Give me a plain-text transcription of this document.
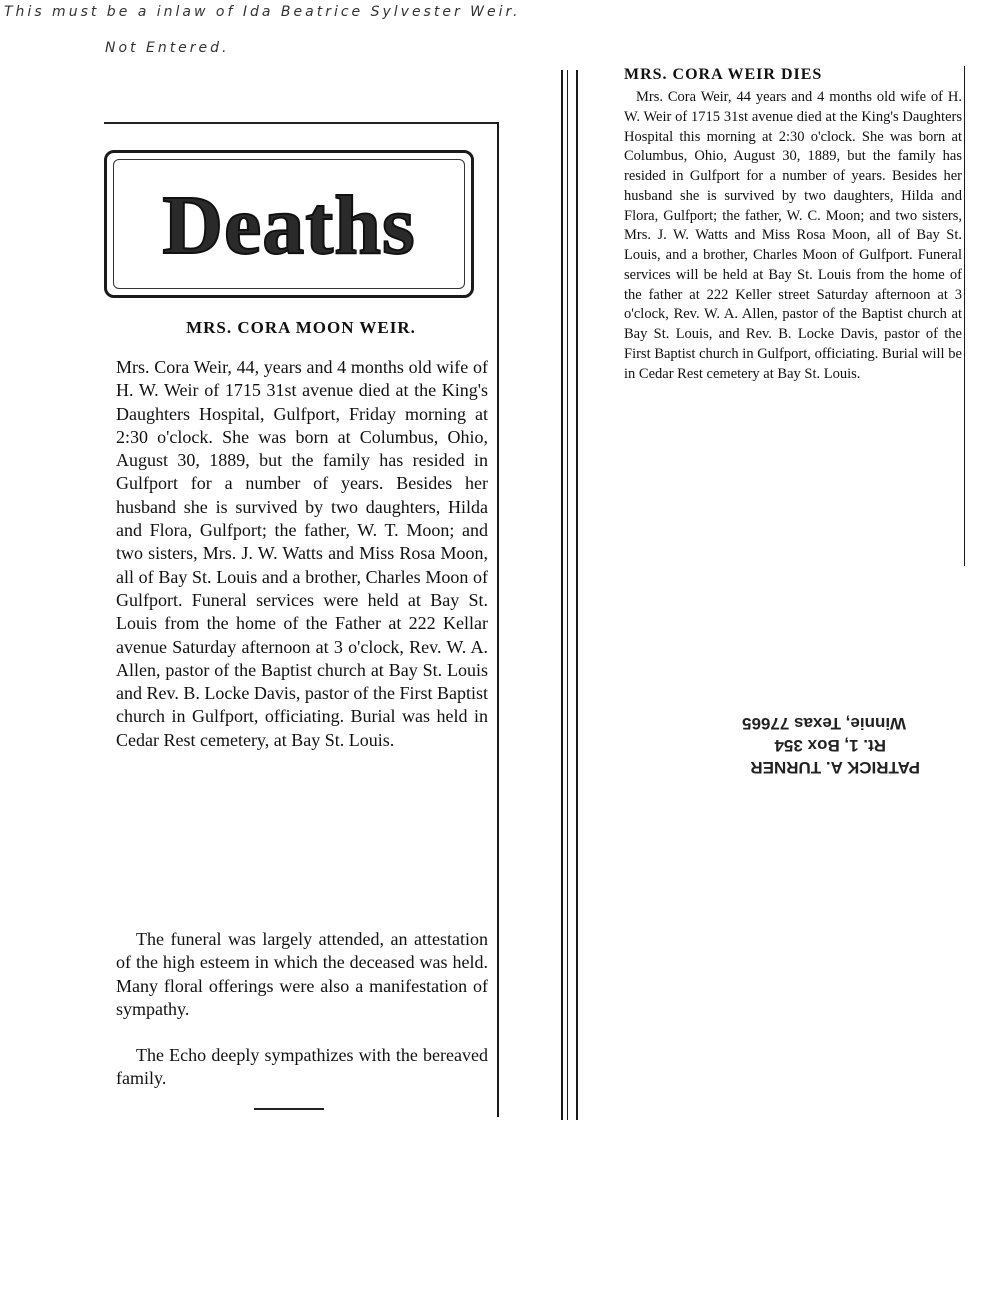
This must be a inlaw of Ida Beatrice Sylvester Weir.
Not Entered.
Deaths
MRS. CORA MOON WEIR.

Mrs. Cora Weir, 44, years and 4 months old wife of H. W. Weir of 1715 31st avenue died at the King's Daughters Hospital, Gulfport, Friday morning at 2:30 o'clock. She was born at Columbus, Ohio, August 30, 1889, but the family has resided in Gulfport for a number of years. Besides her husband she is survived by two daughters, Hilda and Flora, Gulfport; the father, W. T. Moon; and two sisters, Mrs. J. W. Watts and Miss Rosa Moon, all of Bay St. Louis and a brother, Charles Moon of Gulfport. Funeral services were held at Bay St. Louis from the home of the Father at 222 Kellar avenue Saturday afternoon at 3 o'clock, Rev. W. A. Allen, pastor of the Baptist church at Bay St. Louis and Rev. B. Locke Davis, pastor of the First Baptist church in Gulfport, officiating. Burial was held in Cedar Rest cemetery, at Bay St. Louis.

The funeral was largely attended, an attestation of the high esteem in which the deceased was held. Many floral offerings were also a manifestation of sympathy.

The Echo deeply sympathizes with the bereaved family.

MRS. CORA WEIR DIES

Mrs. Cora Weir, 44 years and 4 months old wife of H. W. Weir of 1715 31st avenue died at the King's Daughters Hospital this morning at 2:30 o'clock. She was born at Columbus, Ohio, August 30, 1889, but the family has resided in Gulfport for a number of years. Besides her husband she is survived by two daughters, Hilda and Flora, Gulfport; the father, W. C. Moon; and two sisters, Mrs. J. W. Watts and Miss Rosa Moon, all of Bay St. Louis, and a brother, Charles Moon of Gulfport. Funeral services will be held at Bay St. Louis from the home of the father at 222 Keller street Saturday afternoon at 3 o'clock, Rev. W. A. Allen, pastor of the Baptist church at Bay St. Louis, and Rev. B. Locke Davis, pastor of the First Baptist church in Gulfport, officiating. Burial will be in Cedar Rest cemetery at Bay St. Louis.

PATRICK A. TURNER
Rt. 1, Box 354
Winnie, Texas 77665
